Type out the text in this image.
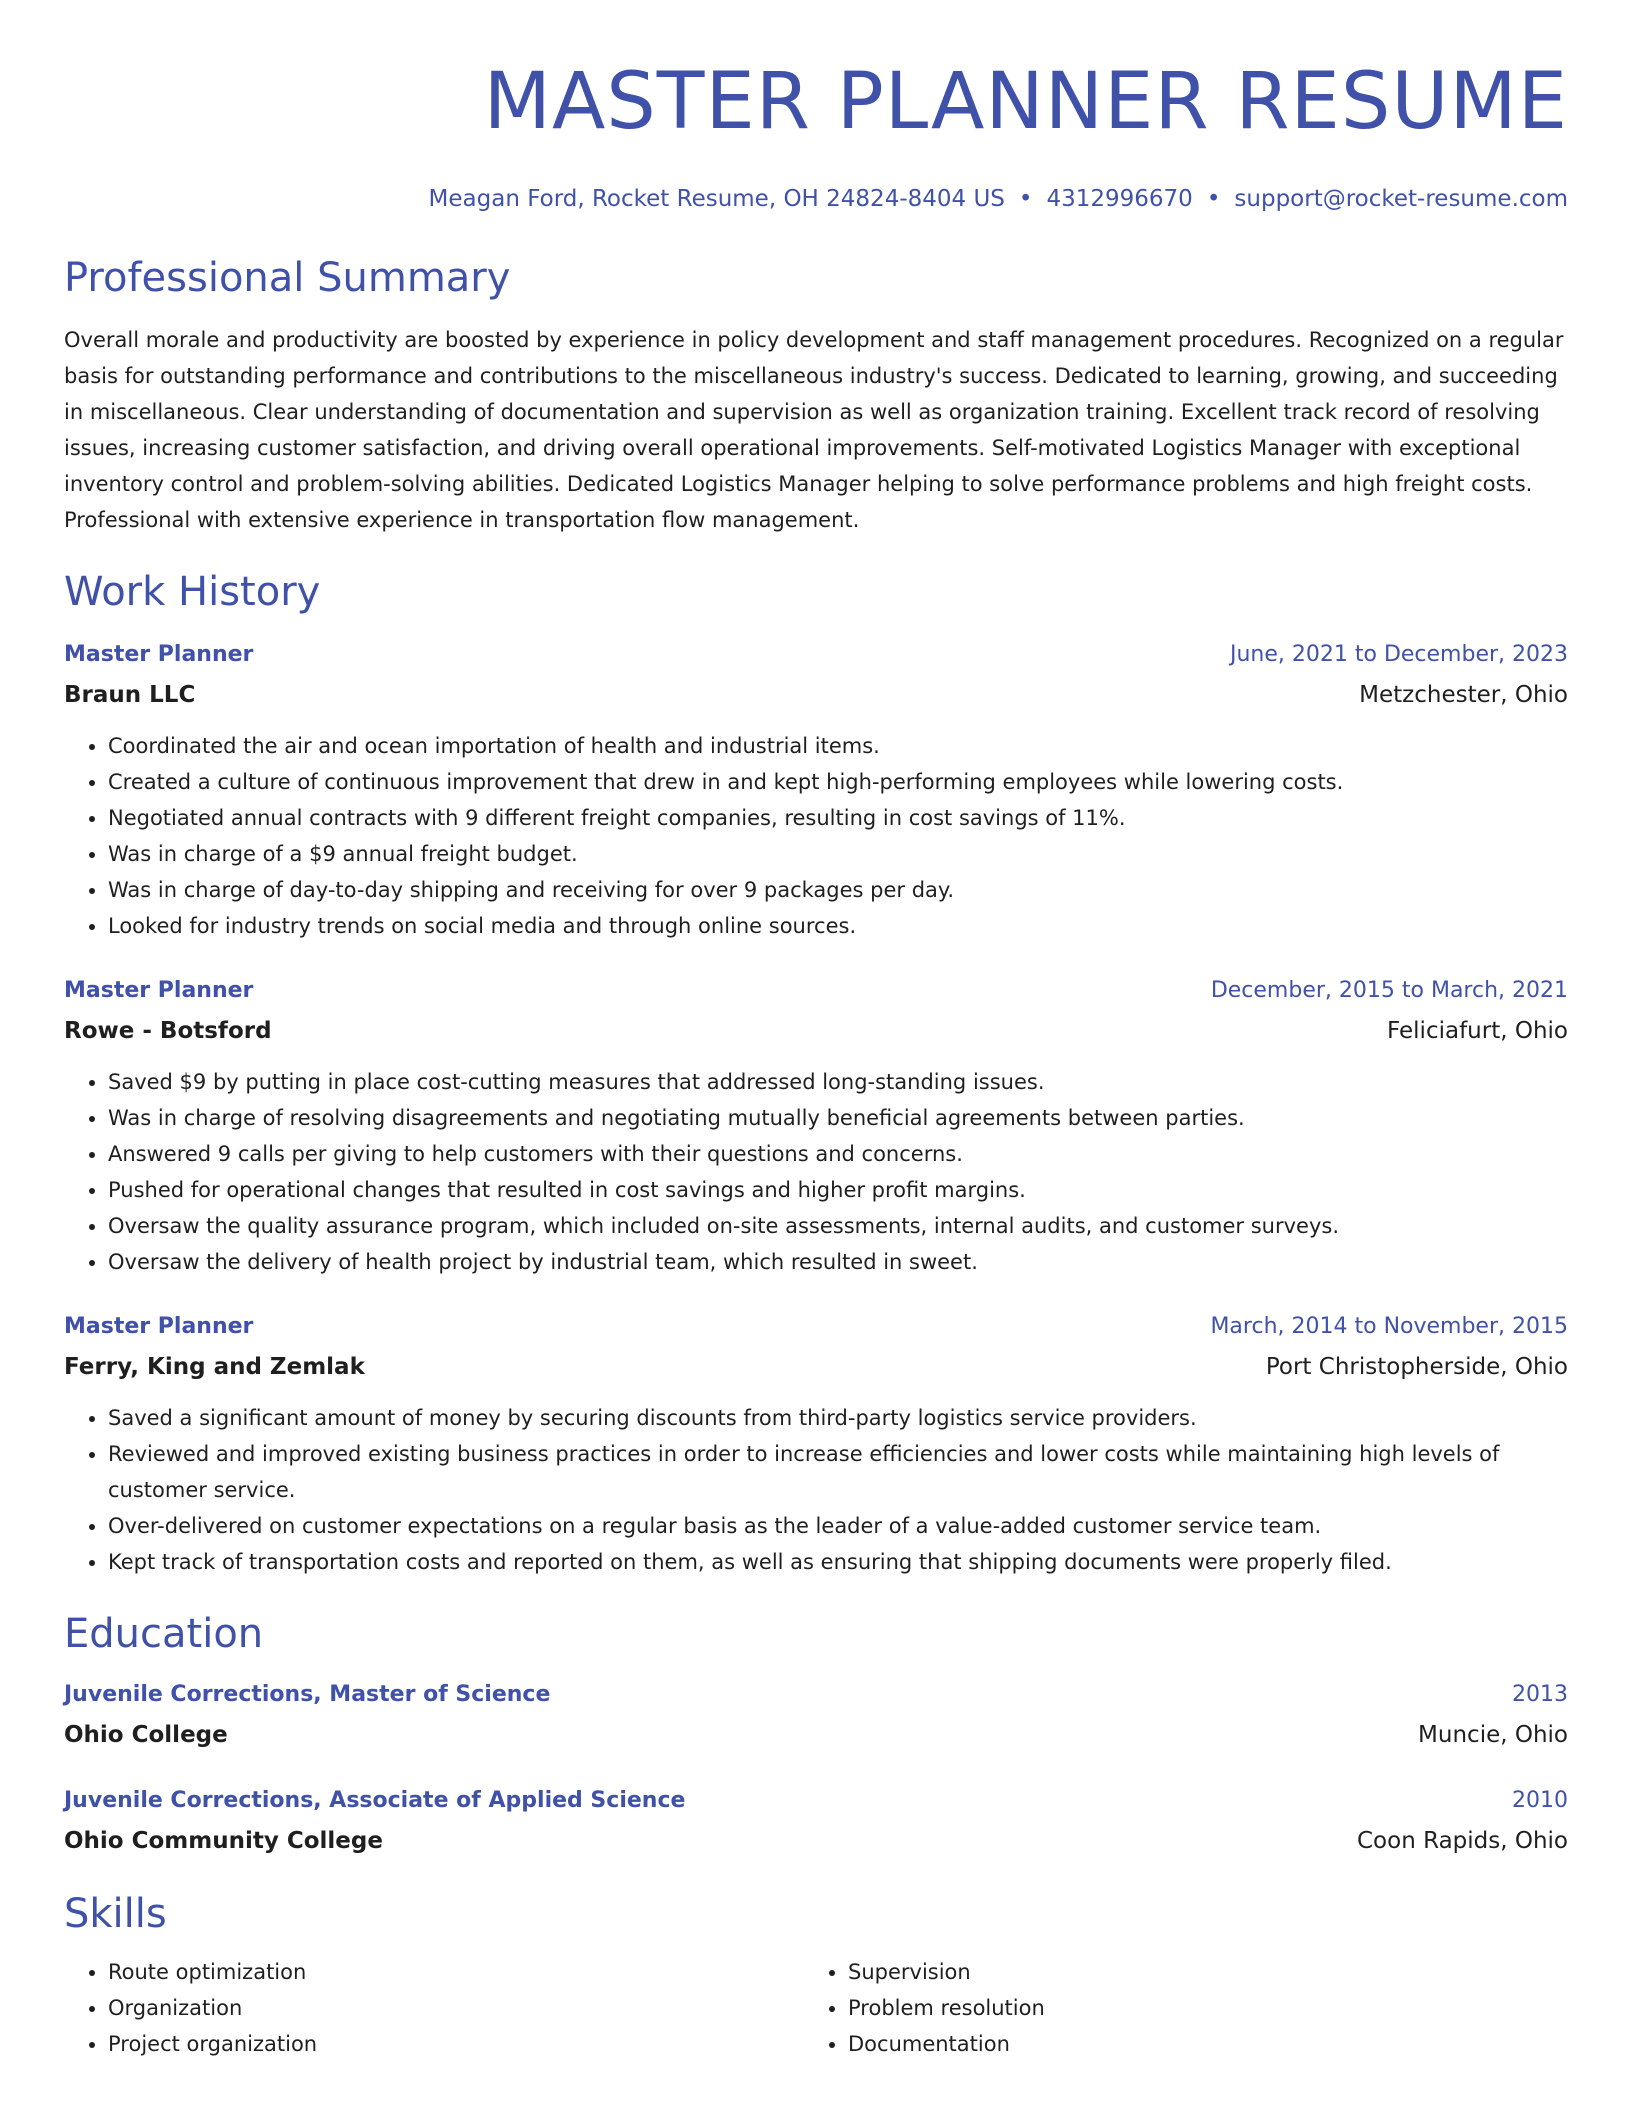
MASTER PLANNER RESUME
Meagan Ford, Rocket Resume, OH 24824-8404 US • 4312996670 • support@rocket-resume.com
Professional Summary
Overall morale and productivity are boosted by experience in policy development and staff management procedures. Recognized on a regular basis for outstanding performance and contributions to the miscellaneous industry's success. Dedicated to learning, growing, and succeeding in miscellaneous. Clear understanding of documentation and supervision as well as organization training. Excellent track record of resolving issues, increasing customer satisfaction, and driving overall operational improvements. Self-motivated Logistics Manager with exceptional inventory control and problem-solving abilities. Dedicated Logistics Manager helping to solve performance problems and high freight costs. Professional with extensive experience in transportation flow management.
Work History
Master Planner	June, 2021 to December, 2023
Braun LLC	Metzchester, Ohio
• Coordinated the air and ocean importation of health and industrial items.
• Created a culture of continuous improvement that drew in and kept high-performing employees while lowering costs.
• Negotiated annual contracts with 9 different freight companies, resulting in cost savings of 11%.
• Was in charge of a $9 annual freight budget.
• Was in charge of day-to-day shipping and receiving for over 9 packages per day.
• Looked for industry trends on social media and through online sources.
Master Planner	December, 2015 to March, 2021
Rowe - Botsford	Feliciafurt, Ohio
• Saved $9 by putting in place cost-cutting measures that addressed long-standing issues.
• Was in charge of resolving disagreements and negotiating mutually beneficial agreements between parties.
• Answered 9 calls per giving to help customers with their questions and concerns.
• Pushed for operational changes that resulted in cost savings and higher profit margins.
• Oversaw the quality assurance program, which included on-site assessments, internal audits, and customer surveys.
• Oversaw the delivery of health project by industrial team, which resulted in sweet.
Master Planner	March, 2014 to November, 2015
Ferry, King and Zemlak	Port Christopherside, Ohio
• Saved a significant amount of money by securing discounts from third-party logistics service providers.
• Reviewed and improved existing business practices in order to increase efficiencies and lower costs while maintaining high levels of customer service.
• Over-delivered on customer expectations on a regular basis as the leader of a value-added customer service team.
• Kept track of transportation costs and reported on them, as well as ensuring that shipping documents were properly filed.
Education
Juvenile Corrections, Master of Science	2013
Ohio College	Muncie, Ohio
Juvenile Corrections, Associate of Applied Science	2010
Ohio Community College	Coon Rapids, Ohio
Skills
• Route optimization
• Organization
• Project organization
• Supervision
• Problem resolution
• Documentation
